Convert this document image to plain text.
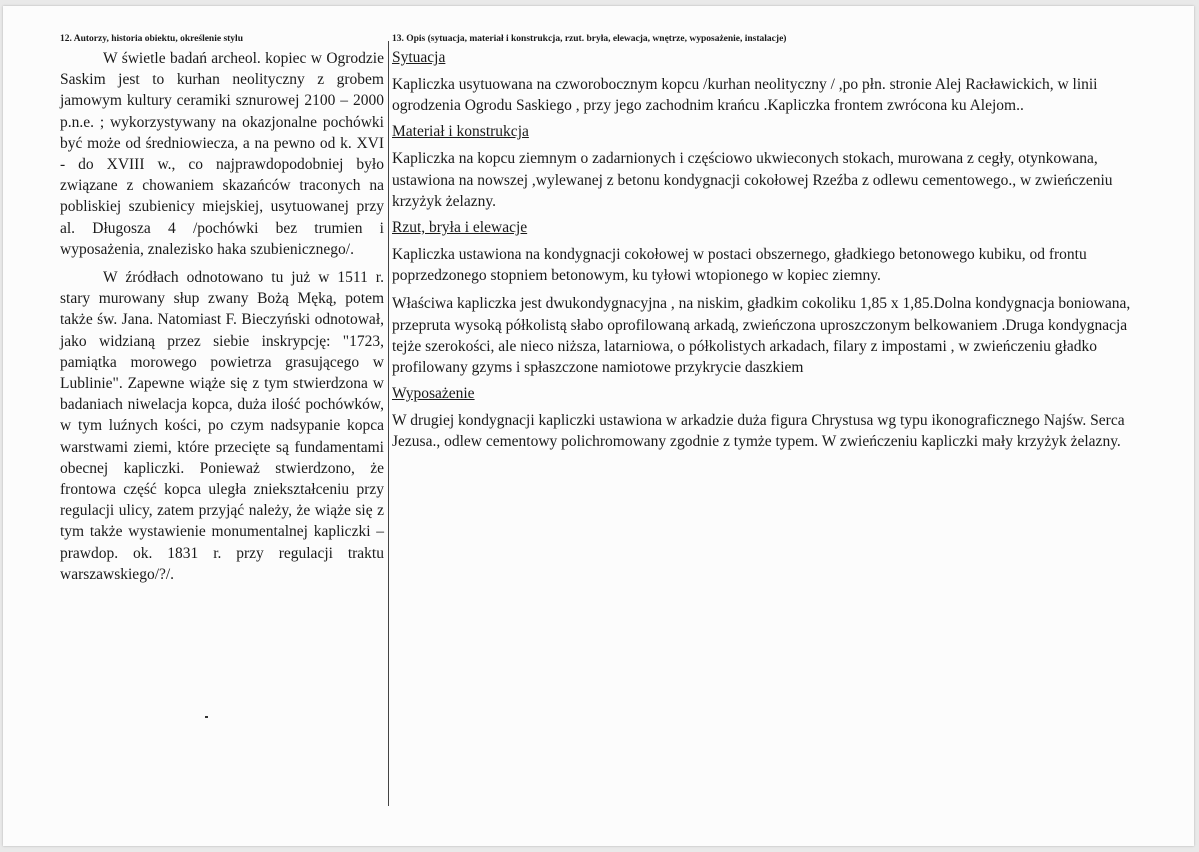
12. Autorzy, historia obiektu, określenie stylu

W świetle badań archeol. kopiec w Ogrodzie Saskim jest to kurhan neolityczny z grobem jamowym kultury ceramiki sznurowej 2100 – 2000 p.n.e. ; wykorzystywany na okazjonalne pochówki być może od średniowiecza, a na pewno od k. XVI - do XVIII w., co najprawdopodobniej było związane z chowaniem skazańców traconych na pobliskiej szubienicy miejskiej, usytuowanej przy al. Długosza 4 /pochówki bez trumien i wyposażenia, znalezisko haka szubienicznego/.

W źródłach odnotowano tu już w 1511 r. stary murowany słup zwany Bożą Męką, potem także św. Jana. Natomiast F. Bieczyński odnotował, jako widzianą przez siebie inskrypcję: "1723, pamiątka morowego powietrza grasującego w Lublinie". Zapewne wiąże się z tym stwierdzona w badaniach niwelacja kopca, duża ilość pochówków, w tym luźnych kości, po czym nadsypanie kopca warstwami ziemi, które przecięte są fundamentami obecnej kapliczki. Ponieważ stwierdzono, że frontowa część kopca uległa zniekształceniu przy regulacji ulicy, zatem przyjąć należy, że wiąże się z tym także wystawienie monumentalnej kapliczki – prawdop. ok. 1831 r. przy regulacji traktu warszawskiego/?/.

13. Opis (sytuacja, materiał i konstrukcja, rzut. bryła, elewacja, wnętrze, wyposażenie, instalacje)
Sytuacja

Kapliczka usytuowana na czworobocznym kopcu /kurhan neolityczny / ,po płn. stronie Alej Racławickich, w linii ogrodzenia Ogrodu Saskiego , przy jego zachodnim krańcu .Kapliczka frontem zwrócona ku Alejom..

Materiał i konstrukcja

Kapliczka na kopcu ziemnym o zadarnionych i częściowo ukwieconych stokach, murowana z cegły, otynkowana, ustawiona na nowszej ,wylewanej z betonu kondygnacji cokołowej Rzeźba z odlewu cementowego., w zwieńczeniu krzyżyk żelazny.

Rzut, bryła i elewacje

Kapliczka ustawiona na kondygnacji cokołowej w postaci obszernego, gładkiego betonowego kubiku, od frontu poprzedzonego stopniem betonowym, ku tyłowi wtopionego w kopiec ziemny.

Właściwa kapliczka jest dwukondygnacyjna , na niskim, gładkim cokoliku 1,85 x 1,85.Dolna kondygnacja boniowana, przepruta wysoką półkolistą słabo oprofilowaną arkadą, zwieńczona uproszczonym belkowaniem .Druga kondygnacja tejże szerokości, ale nieco niższa, latarniowa, o półkolistych arkadach, filary z impostami , w zwieńczeniu gładko profilowany gzyms i spłaszczone namiotowe przykrycie daszkiem

Wyposażenie

W drugiej kondygnacji kapliczki ustawiona w arkadzie duża figura Chrystusa wg typu ikonograficznego Najśw. Serca Jezusa., odlew cementowy polichromowany zgodnie z tymże typem. W zwieńczeniu kapliczki mały krzyżyk żelazny.
